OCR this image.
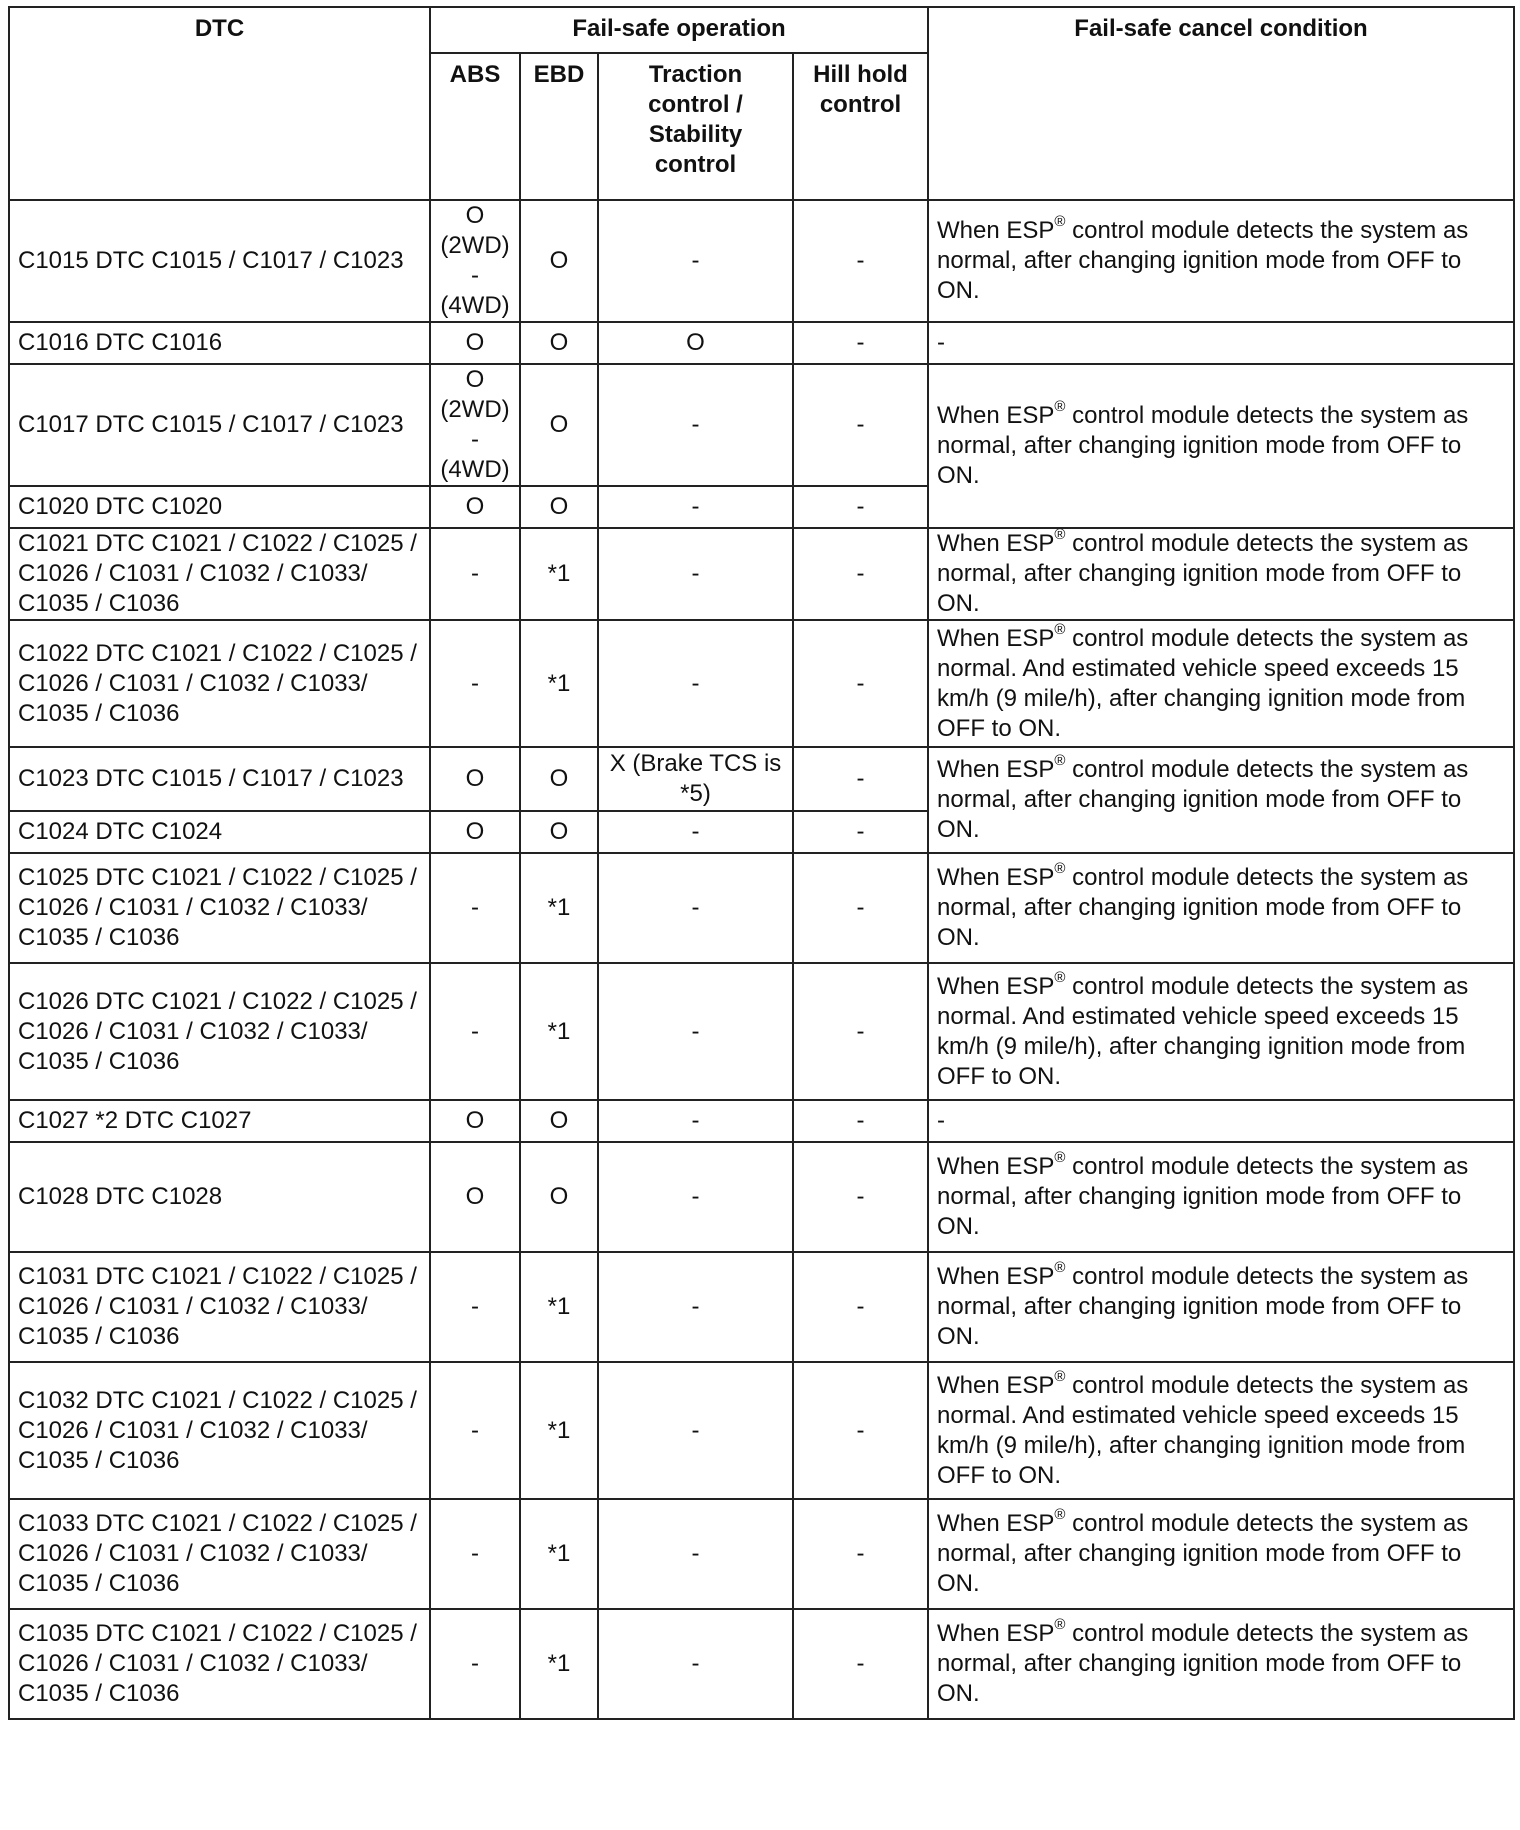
DTC	Fail-safe operation				Fail-safe cancel condition
	ABS	EBD	Traction control / Stability control	Hill hold control	
C1015 DTC C1015 / C1017 / C1023	O
(2WD)
-
(4WD)	O	-	-	When ESP® control module detects the system as normal, after changing ignition mode from OFF to ON.
C1016 DTC C1016	O	O	O	-	-
C1017 DTC C1015 / C1017 / C1023	O
(2WD)
-
(4WD)	O	-	-	When ESP® control module detects the system as normal, after changing ignition mode from OFF to ON.
C1020 DTC C1020	O	O	-	-	
C1021 DTC C1021 / C1022 / C1025 / C1026 / C1031 / C1032 / C1033/ C1035 / C1036	-	*1	-	-	When ESP® control module detects the system as normal, after changing ignition mode from OFF to ON.
C1022 DTC C1021 / C1022 / C1025 / C1026 / C1031 / C1032 / C1033/ C1035 / C1036	-	*1	-	-	When ESP® control module detects the system as normal. And estimated vehicle speed exceeds 15 km/h (9 mile/h), after changing ignition mode from OFF to ON.
C1023 DTC C1015 / C1017 / C1023	O	O	X (Brake TCS is *5)	-	When ESP® control module detects the system as normal, after changing ignition mode from OFF to ON.
C1024 DTC C1024	O	O	-	-	
C1025 DTC C1021 / C1022 / C1025 / C1026 / C1031 / C1032 / C1033/ C1035 / C1036	-	*1	-	-	When ESP® control module detects the system as normal, after changing ignition mode from OFF to ON.
C1026 DTC C1021 / C1022 / C1025 / C1026 / C1031 / C1032 / C1033/ C1035 / C1036	-	*1	-	-	When ESP® control module detects the system as normal. And estimated vehicle speed exceeds 15 km/h (9 mile/h), after changing ignition mode from OFF to ON.
C1027 *2 DTC C1027	O	O	-	-	-
C1028 DTC C1028	O	O	-	-	When ESP® control module detects the system as normal, after changing ignition mode from OFF to ON.
C1031 DTC C1021 / C1022 / C1025 / C1026 / C1031 / C1032 / C1033/ C1035 / C1036	-	*1	-	-	When ESP® control module detects the system as normal, after changing ignition mode from OFF to ON.
C1032 DTC C1021 / C1022 / C1025 / C1026 / C1031 / C1032 / C1033/ C1035 / C1036	-	*1	-	-	When ESP® control module detects the system as normal. And estimated vehicle speed exceeds 15 km/h (9 mile/h), after changing ignition mode from OFF to ON.
C1033 DTC C1021 / C1022 / C1025 / C1026 / C1031 / C1032 / C1033/ C1035 / C1036	-	*1	-	-	When ESP® control module detects the system as normal, after changing ignition mode from OFF to ON.
C1035 DTC C1021 / C1022 / C1025 / C1026 / C1031 / C1032 / C1033/ C1035 / C1036	-	*1	-	-	When ESP® control module detects the system as normal, after changing ignition mode from OFF to ON.
